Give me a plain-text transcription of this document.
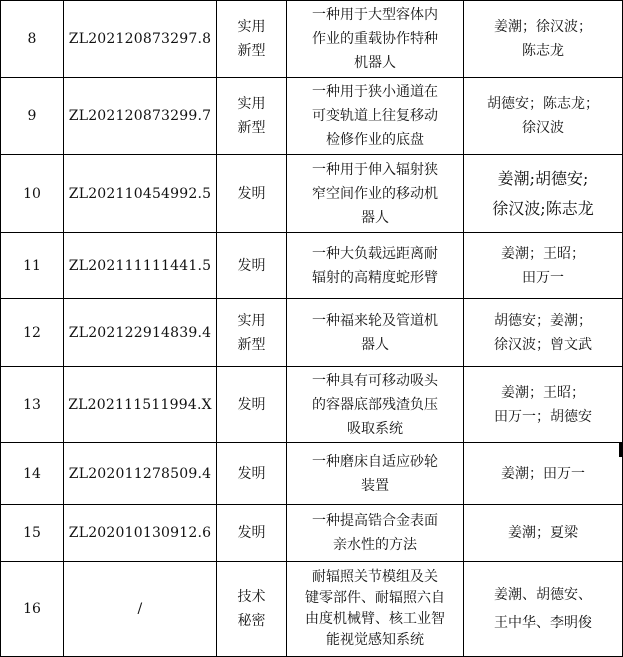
8	ZL202120873297.8	实用
新型	一种用于大型容体内
作业的重载协作特种
机器人	姜潮；徐汉波；
陈志龙

9	ZL202120873299.7	实用
新型	一种用于狭小通道在
可变轨道上往复移动
检修作业的底盘	胡德安；陈志龙；
徐汉波

10	ZL202110454992.5	发明	一种用于伸入辐射狭
窄空间作业的移动机
器人	姜潮;胡德安;
徐汉波;陈志龙

11	ZL202111111441.5	发明	一种大负载远距离耐
辐射的高精度蛇形臂	姜潮；王昭；
田万一

12	ZL202122914839.4	实用
新型	一种福来轮及管道机
器人	胡德安；姜潮；
徐汉波；曾文武

13	ZL202111511994.X	发明	一种具有可移动吸头
的容器底部残渣负压
吸取系统	姜潮；王昭；
田万一；胡德安

14	ZL202011278509.4	发明	一种磨床自适应砂轮
装置	姜潮；田万一

15	ZL202010130912.6	发明	一种提高锆合金表面
亲水性的方法	姜潮；夏梁

16	/	技术
秘密	耐辐照关节模组及关
键零部件、耐辐照六自
由度机械臂、核工业智
能视觉感知系统	姜潮、胡德安、
王中华、李明俊
